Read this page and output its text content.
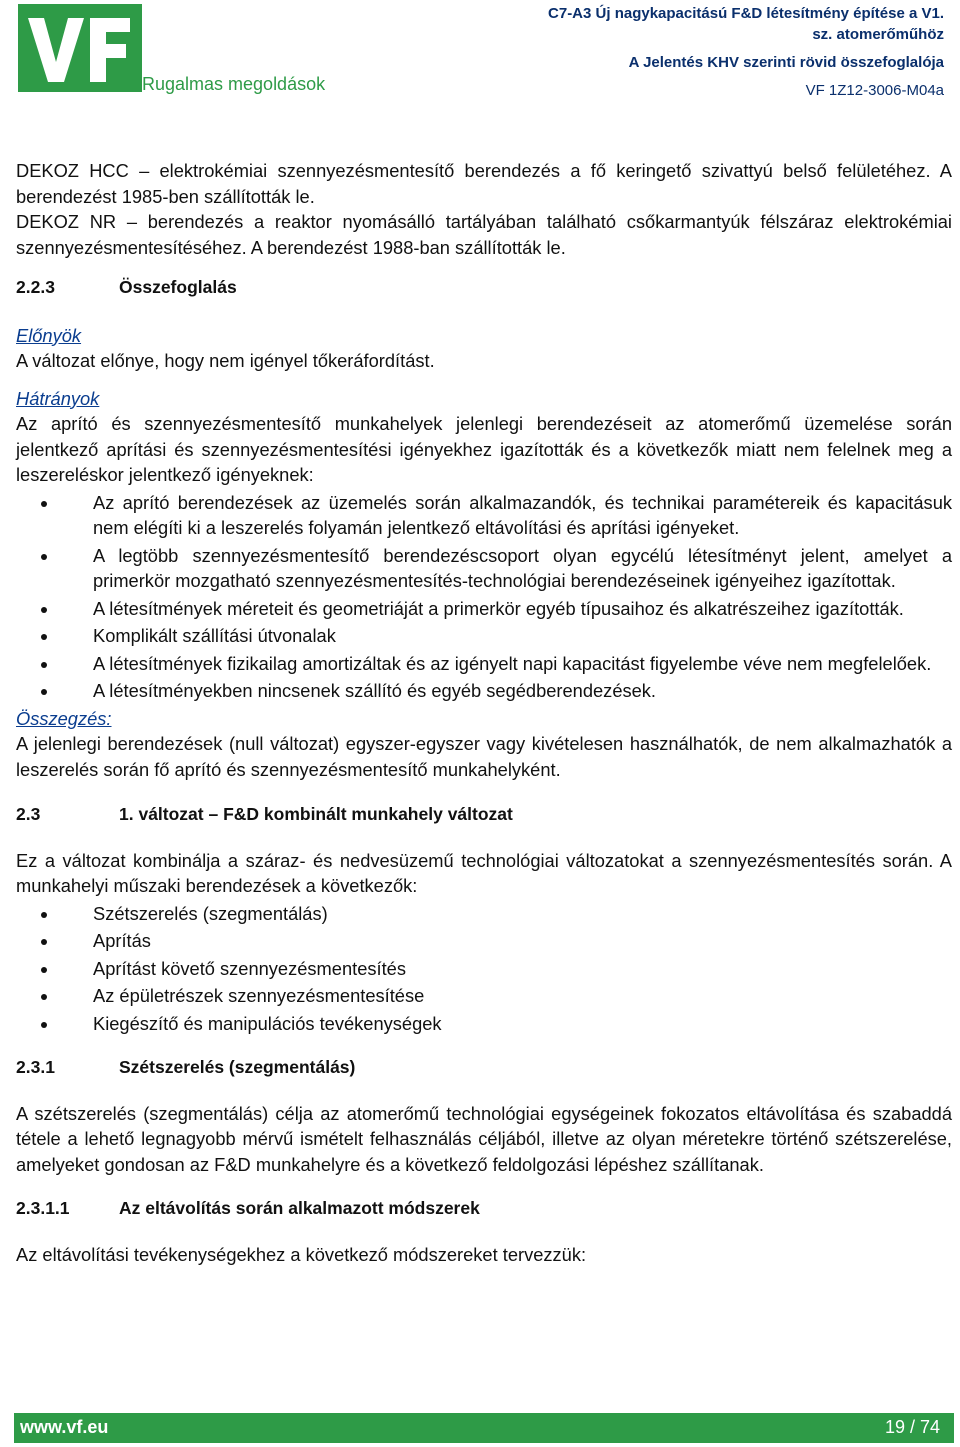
Rugalmas megoldások
C7-A3 Új nagykapacitású F&D létesítmény építése a V1.
sz. atomerőműhöz
A Jelentés KHV szerinti rövid összefoglalója
VF 1Z12-3006-M04a

DEKOZ HCC – elektrokémiai szennyezésmentesítő berendezés a fő keringető szivattyú belső felületéhez. A berendezést 1985-ben szállították le.

DEKOZ NR – berendezés a reaktor nyomásálló tartályában található csőkarmantyúk félszáraz elektrokémiai szennyezésmentesítéséhez. A berendezést 1988-ban szállították le.

2.2.3	Összefoglalás

Előnyök

A változat előnye, hogy nem igényel tőkeráfordítást.

Hátrányok

Az aprító és szennyezésmentesítő munkahelyek jelenlegi berendezéseit az atomerőmű üzemelése során jelentkező aprítási és szennyezésmentesítési igényekhez igazították és a következők miatt nem felelnek meg a leszereléskor jelentkező igényeknek:

Az aprító berendezések az üzemelés során alkalmazandók, és technikai paramétereik és kapacitásuk nem elégíti ki a leszerelés folyamán jelentkező eltávolítási és aprítási igényeket.
A legtöbb szennyezésmentesítő berendezéscsoport olyan egycélú létesítményt jelent, amelyet a primerkör mozgatható szennyezésmentesítés-technológiai berendezéseinek igényeihez igazítottak.
A létesítmények méreteit és geometriáját a primerkör egyéb típusaihoz és alkatrészeihez igazították.
Komplikált szállítási útvonalak
A létesítmények fizikailag amortizáltak és az igényelt napi kapacitást figyelembe véve nem megfelelőek.
A létesítményekben nincsenek szállító és egyéb segédberendezések.

Összegzés:

A jelenlegi berendezések (null változat) egyszer-egyszer vagy kivételesen használhatók, de nem alkalmazhatók a leszerelés során fő aprító és szennyezésmentesítő munkahelyként.

2.3	1. változat – F&D kombinált munkahely változat

Ez a változat kombinálja a száraz- és nedvesüzemű technológiai változatokat a szennyezésmentesítés során. A munkahelyi műszaki berendezések a következők:

Szétszerelés (szegmentálás)
Aprítás
Aprítást követő szennyezésmentesítés
Az épületrészek szennyezésmentesítése
Kiegészítő és manipulációs tevékenységek
2.3.1	Szétszerelés (szegmentálás)

A szétszerelés (szegmentálás) célja az atomerőmű technológiai egységeinek fokozatos eltávolítása és szabaddá tétele a lehető legnagyobb mérvű ismételt felhasználás céljából, illetve az olyan méretekre történő szétszerelése, amelyeket gondosan az F&D munkahelyre és a következő feldolgozási lépéshez szállítanak.

2.3.1.1	Az eltávolítás során alkalmazott módszerek

Az eltávolítási tevékenységekhez a következő módszereket tervezzük:

www.vf.eu	19 / 74
